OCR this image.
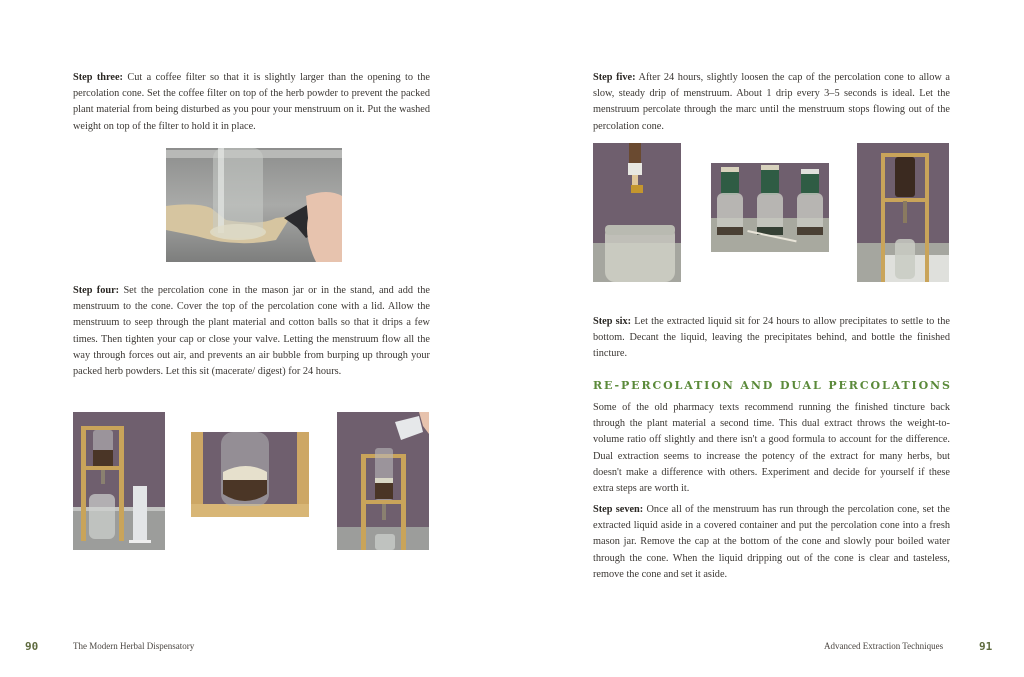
Step three: Cut a coffee filter so that it is slightly larger than the opening to the percolation cone. Set the coffee filter on top of the herb powder to prevent the packed plant material from being disturbed as you pour your menstruum on it. Put the washed weight on top of the filter to hold it in place.
Step four: Set the percolation cone in the mason jar or in the stand, and add the menstruum to the cone. Cover the top of the percolation cone with a lid. Allow the menstruum to seep through the plant material and cotton balls so that it drips a few times. Then tighten your cap or close your valve. Letting the menstruum flow all the way through forces out air, and prevents an air bubble from burping up through your packed herb powders. Let this sit (macerate/ digest) for 24 hours.
90	The Modern Herbal Dispensatory
Step five: After 24 hours, slightly loosen the cap of the percolation cone to allow a slow, steady drip of menstruum. About 1 drip every 3–5 seconds is ideal. Let the menstruum percolate through the marc until the menstruum stops flowing out of the percolation cone.
Step six: Let the extracted liquid sit for 24 hours to allow precipitates to settle to the bottom. Decant the liquid, leaving the precipitates behind, and bottle the finished tincture.
RE-PERCOLATION AND DUAL PERCOLATIONS
Some of the old pharmacy texts recommend running the finished tincture back through the plant material a second time. This dual extract throws the weight-to-volume ratio off slightly and there isn't a good formula to account for the difference. Dual extraction seems to increase the potency of the extract for many herbs, but doesn't make a difference with others. Experiment and decide for yourself if these extra steps are worth it.
Step seven: Once all of the menstruum has run through the percolation cone, set the extracted liquid aside in a covered container and put the percolation cone into a fresh mason jar. Remove the cap at the bottom of the cone and slowly pour boiled water through the cone. When the liquid dripping out of the cone is clear and tasteless, remove the cone and set it aside.
Advanced Extraction Techniques	91
